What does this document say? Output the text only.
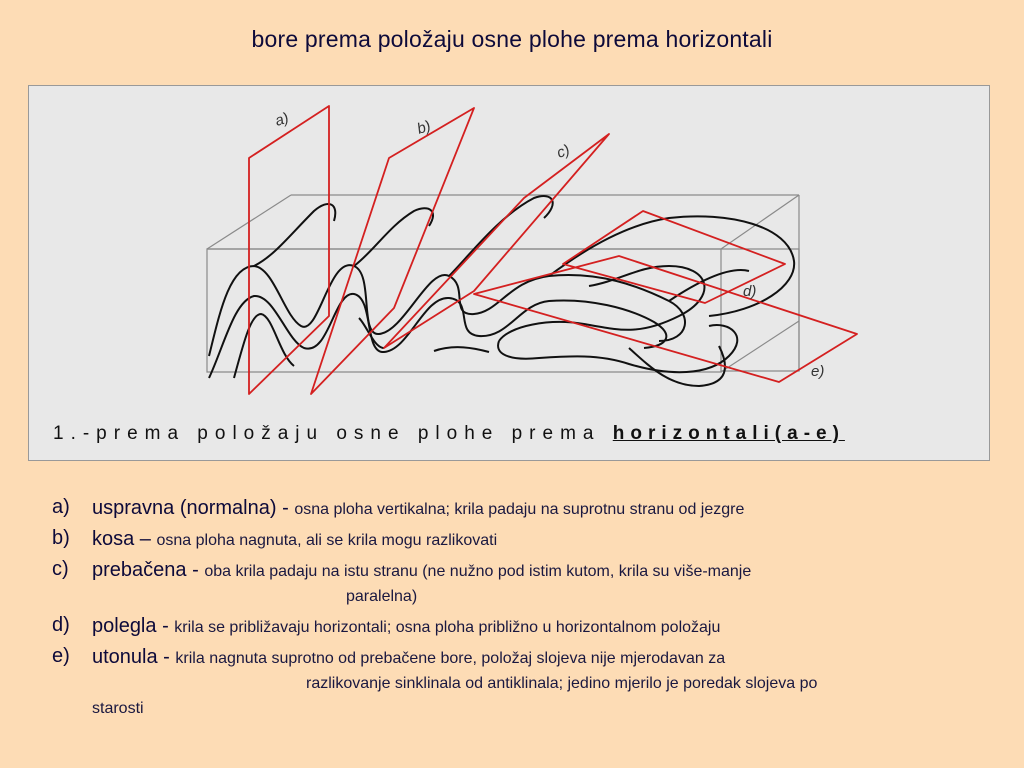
bore prema položaju osne plohe prema horizontali
a)	b)
c)
d)
e)
1.-prema položaju osne plohe prema horizontali(a-e)
a) uspravna (normalna) - osna ploha vertikalna; krila padaju na suprotnu stranu od jezgre
b) kosa – osna ploha nagnuta, ali se krila mogu razlikovati
c) prebačena - oba krila padaju na istu stranu (ne nužno pod istim kutom, krila su više-manje
paralelna)
d) polegla - krila se približavaju horizontali; osna ploha približno u horizontalnom položaju
e) utonula - krila nagnuta suprotno od prebačene bore, položaj slojeva nije mjerodavan za
razlikovanje sinklinala od antiklinala; jedino mjerilo je poredak slojeva po
starosti
